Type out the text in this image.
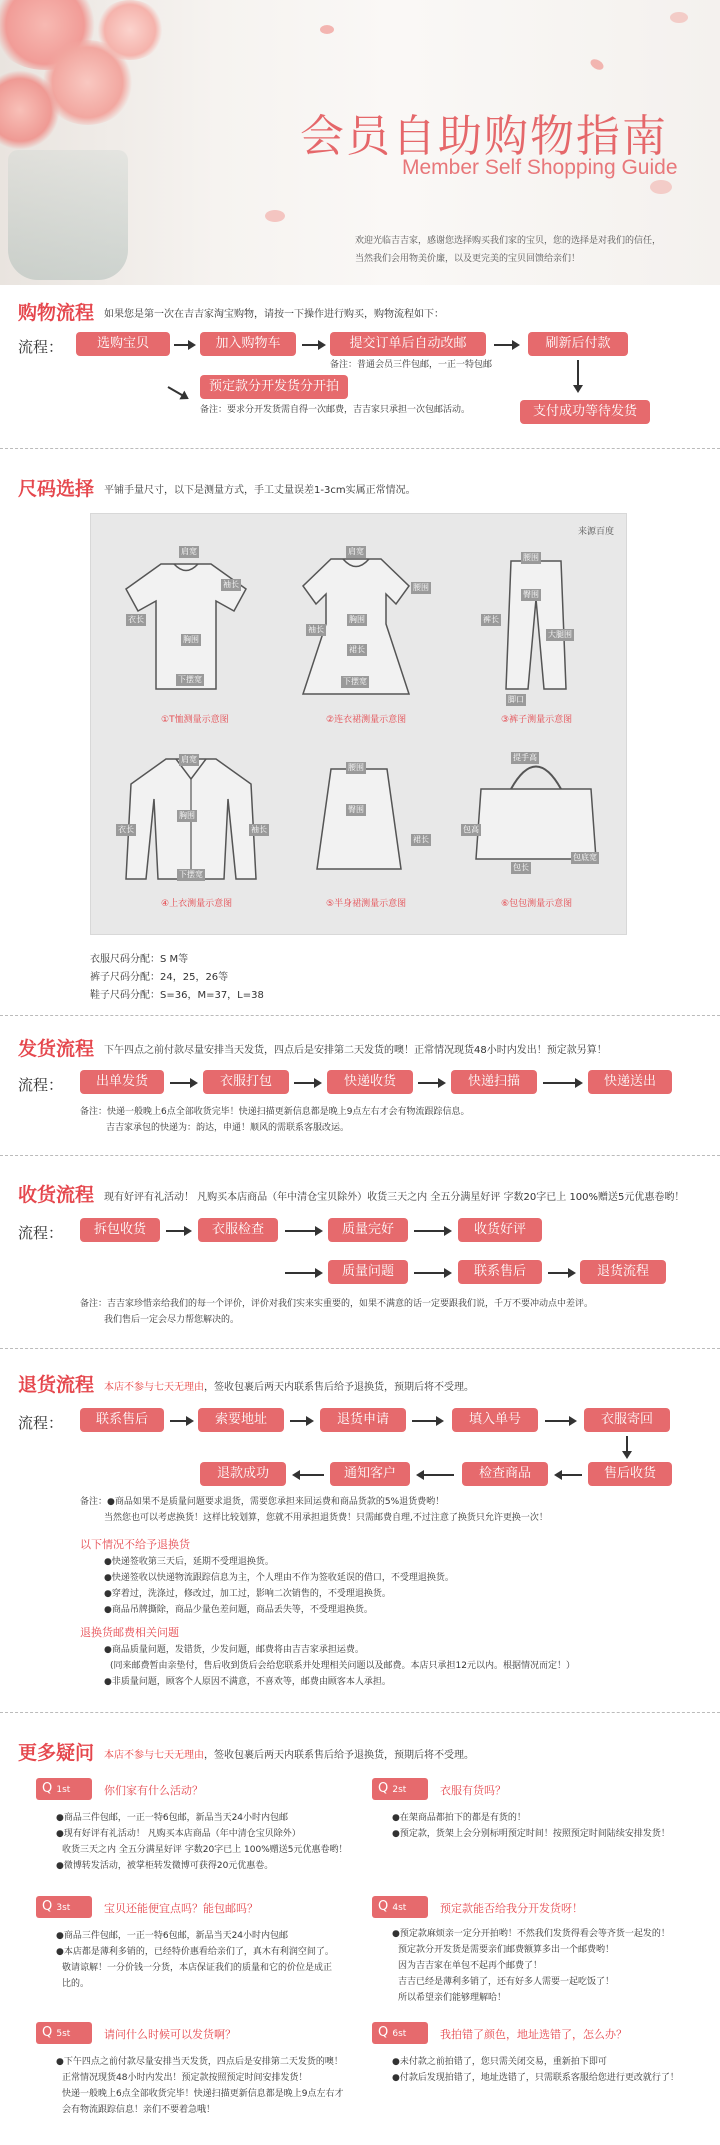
会员自助购物指南
Member Self Shopping Guide
欢迎光临吉吉家，感谢您选择购买我们家的宝贝，您的选择是对我们的信任，
当然我们会用物美价廉，以及更完美的宝贝回馈给亲们！
购物流程 如果您是第一次在吉吉家淘宝购物，请按一下操作进行购买，购物流程如下：
流程：	选购宝贝	加入购物车	提交订单后自动改邮	刷新后付款
预定款分开发货分开拍
备注：普通会员三件包邮，一正一特包邮
备注：要求分开发货需自得一次邮费，吉吉家只承担一次包邮活动。	支付成功等待发货
尺码选择 平铺手量尺寸，以下是测量方式，手工丈量误差1-3cm实属正常情况。
来源百度
肩宽
袖长
衣长
胸围
下摆宽
①T恤测量示意图
肩宽
腰围
袖长
胸围
裙长
下摆宽
②连衣裙测量示意图
腰围
裤长
臀围
大腿围
脚口
③裤子测量示意图
肩宽
衣长	袖长
胸围
下摆宽
④上衣测量示意图
腰围
臀围
裙长
⑤半身裙测量示意图
提手高
包高
包长
包底宽
⑥包包测量示意图
衣服尺码分配：S M等
裤子尺码分配：24，25，26等
鞋子尺码分配：S=36，M=37，L=38
发货流程 下午四点之前付款尽量安排当天发货，四点后是安排第二天发货的噢！正常情况现货48小时内发出！预定款另算！
流程：	出单发货	衣服打包	快递收货	快递扫描	快递送出
备注：快递一般晚上6点全部收货完毕！快递扫描更新信息都是晚上9点左右才会有物流跟踪信息。
吉吉家承包的快递为：韵达，申通！顺风的需联系客服改运。
收货流程 现有好评有礼活动！ 凡购买本店商品（年中清仓宝贝除外）收货三天之内 全五分满星好评 字数20字已上 100%赠送5元优惠卷哟！
流程：	拆包收货	衣服检查	质量完好	收货好评
质量问题	联系售后	退货流程
备注：吉吉家珍惜亲给我们的每一个评价，评价对我们实来实重要的，如果不满意的话一定要跟我们说，千万不要冲动点中差评。
我们售后一定会尽力帮您解决的。
退货流程 本店不参与七天无理由，签收包裹后两天内联系售后给予退换货，预期后将不受理。
流程：	联系售后	索要地址	退货申请	填入单号	衣服寄回
退款成功	通知客户	检查商品	售后收货
备注：●商品如果不是质量问题要求退货，需要您承担来回运费和商品货款的5%退货费哟！
当然您也可以考虑换货！这样比较划算，您就不用承担退货费！只需邮费自理,不过注意了换货只允许更换一次！
以下情况不给予退换货
●快递签收第三天后，延期不受理退换货。
●快递签收以快递物流跟踪信息为主，个人理由不作为签收延误的借口，不受理退换货。
●穿着过，洗涤过，修改过，加工过，影响二次销售的，不受理退换货。
●商品吊牌撕除，商品少量色差问题，商品丢失等，不受理退换货。
退换货邮费相关问题
●商品质量问题，发错货，少发问题，邮费将由吉吉家承担运费。
(同来邮费暂由亲垫付，售后收到货后会给您联系并处理相关问题以及邮费。本店只承担12元以内。根据情况而定！）
●非质量问题，顾客个人原因不满意，不喜欢等，邮费由顾客本人承担。
更多疑问 本店不参与七天无理由，签收包裹后两天内联系售后给予退换货，预期后将不受理。
Q 1st	你们家有什么活动？
●商品三件包邮，一正一特6包邮，新品当天24小时内包邮
●现有好评有礼活动！ 凡购买本店商品（年中清仓宝贝除外）
收货三天之内 全五分满星好评 字数20字已上 100%赠送5元优惠卷哟！
●微博转发活动，被掌柜转发微博可获得20元优惠卷。
Q 2st	衣服有货吗？
●在架商品都拍下的都是有货的！
●预定款，货架上会分别标明预定时间！按照预定时间陆续安排发货！
Q 3st	宝贝还能便宜点吗？能包邮吗？
●商品三件包邮，一正一特6包邮，新品当天24小时内包邮
●本店都是薄利多销的，已经特价惠看给亲们了，真木有利润空间了。
敬请谅解！一分价钱一分货，本店保证我们的质量和它的价位是成正
比的。
Q 4st	预定款能否给我分开发货呀！
●预定款麻烦亲一定分开拍哟！不然我们发货得看会等齐货一起发的！
预定款分开发货是需要亲们邮费额算多出一个邮费哟！
因为吉吉家在单包不起再个邮费了！
吉吉已经是薄利多销了，还有好多人需要一起吃饭了！
所以希望亲们能够理解哈！
Q 5st	请问什么时候可以发货啊？
●下午四点之前付款尽量安排当天发货，四点后是安排第二天发货的噢！
正常情况现货48小时内发出！预定款按照预定时间安排发货！
快递一般晚上6点全部收货完毕！快递扫描更新信息都是晚上9点左右才
会有物流跟踪信息！亲们不要着急哦！
Q 6st	我拍错了颜色，地址选错了，怎么办？
●未付款之前拍错了，您只需关闭交易，重新拍下即可
●付款后发现拍错了，地址选错了，只需联系客服给您进行更改就行了！
